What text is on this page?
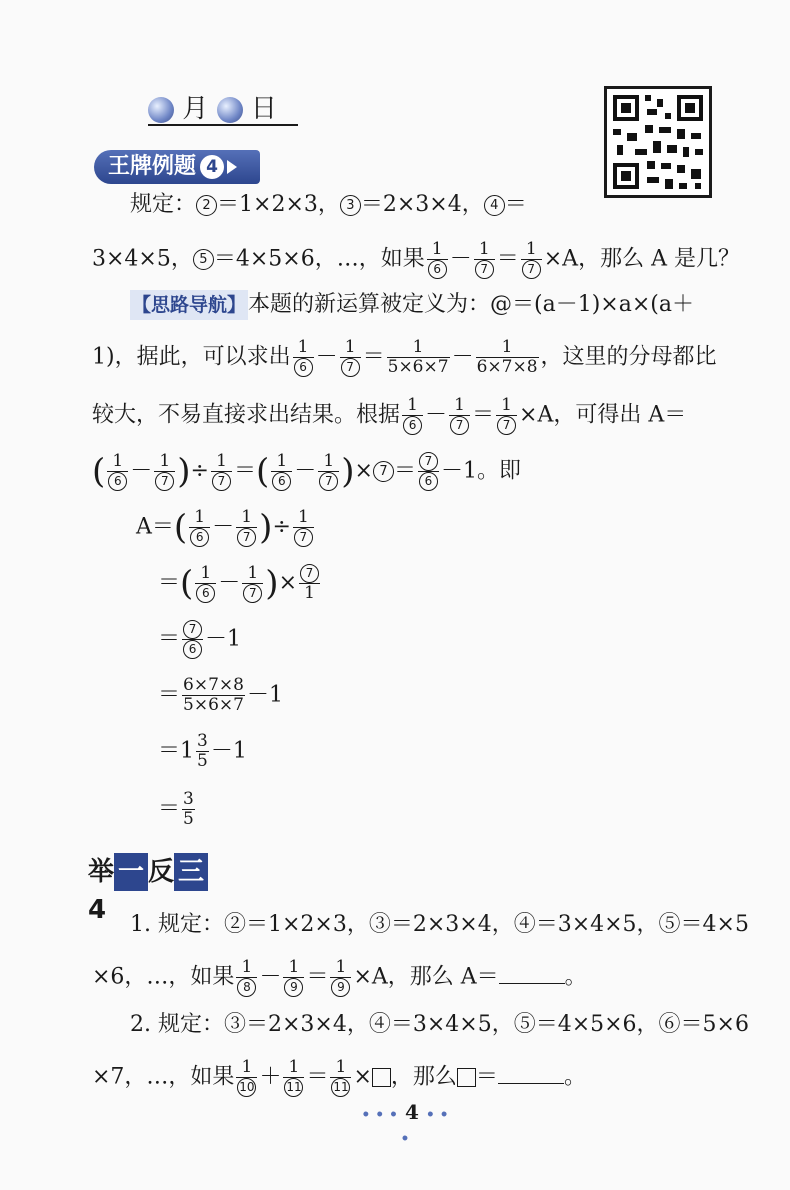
月 日
王牌例题 4
规定： 2 ＝1×2×3， 3 ＝2×3×4， 4 ＝
3×4×5， 5 ＝4×5×6，…，如果 $\frac{1}{6} - \frac{1}{7} = \frac{1}{7} \times A$，那么 A 是几？
【思路导航】本题的新运算被定义为：@＝(a－1)×a×(a＋
1)，据此，可以求出 $\frac{1}{6} - \frac{1}{7} = \frac{1}{5\times 6\times 7} - \frac{1}{6\times 7\times 8}$ ，这里的分母都比
较大，不易直接求出结果。根据 $\frac{1}{6} - \frac{1}{7} = \frac{1}{7} \times A$，可得出 A＝
( $\frac{1}{6} - \frac{1}{7}$ )÷ $\frac{1}{7}$ ＝( $\frac{1}{6} - \frac{1}{7}$ )× $7 = \frac{7}{6} -1$。即
$A=( \frac{1}{6} - \frac{1}{7}$ )÷ $\frac{1}{7}$
＝( $\frac{1}{6} - \frac{1}{7}$ )× $\frac{7}{1}$
＝ $\frac{7}{6} -1$
＝ $\frac{6\times 7\times 8}{5\times 6\times 7} -1$
$=1 \frac{3}{5} -1$
＝ $\frac{3}{5}$
举 一 反 三4	1. 规定：②＝1×2×3，③＝2×3×4，④＝3×4×5，⑤＝4×5
×6，…，如果 $\frac{1}{8} - \frac{1}{9} = \frac{1}{9} \times A$，那么 A＝	。
2. 规定：③＝2×3×4，④＝3×4×5，⑤＝4×5×6，⑥＝5×6
×7，…，如果 $\frac{1}{10} + \frac{1}{11} = \frac{1}{11}$ × ，那么 ＝	。
• • • 4 • • •
